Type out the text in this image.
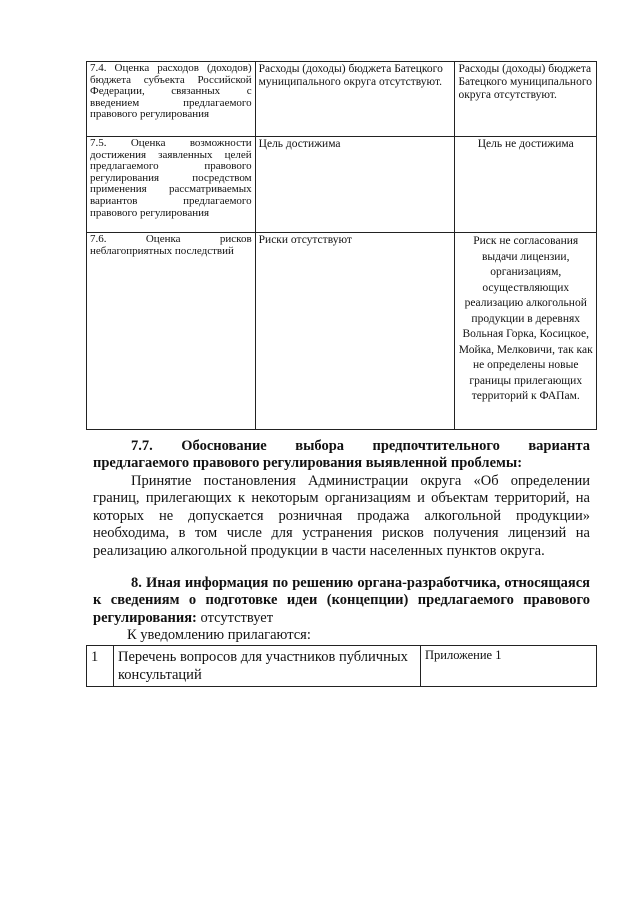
7.4. Оценка расходов (доходов) бюджета субъекта Российской Федерации, связанных с введением предлагаемого правового регулирования	Расходы (доходы) бюджета Батецкого муниципального округа отсутствуют.	Расходы (доходы) бюджета Батецкого муниципального округа отсутствуют.
7.5. Оценка возможности достижения заявленных целей предлагаемого правового регулирования посредством применения рассматриваемых вариантов предлагаемого правового регулирования	Цель достижима	Цель не достижима
7.6. Оценка рисков неблагоприятных последствий	Риски отсутствуют	Риск не согласования выдачи лицензии, организациям, осуществляющих реализацию алкогольной продукции в деревнях Вольная Горка, Косицкое, Мойка, Мелковичи, так как не определены новые границы прилегающих территорий к ФАПам.
7.7. Обоснование выбора предпочтительного варианта предлагаемого правового регулирования выявленной проблемы:
Принятие постановления Администрации округа «Об определении границ, прилегающих к некоторым организациям и объектам территорий, на которых не допускается розничная продажа алкогольной продукции» необходима, в том числе для устранения рисков получения лицензий на реализацию алкогольной продукции в части населенных пунктов округа.
8. Иная информация по решению органа-разработчика, относящаяся к сведениям о подготовке идеи (концепции) предлагаемого правового регулирования: отсутствует
К уведомлению прилагаются:
1	Перечень вопросов для участников публичных консультаций	Приложение 1
